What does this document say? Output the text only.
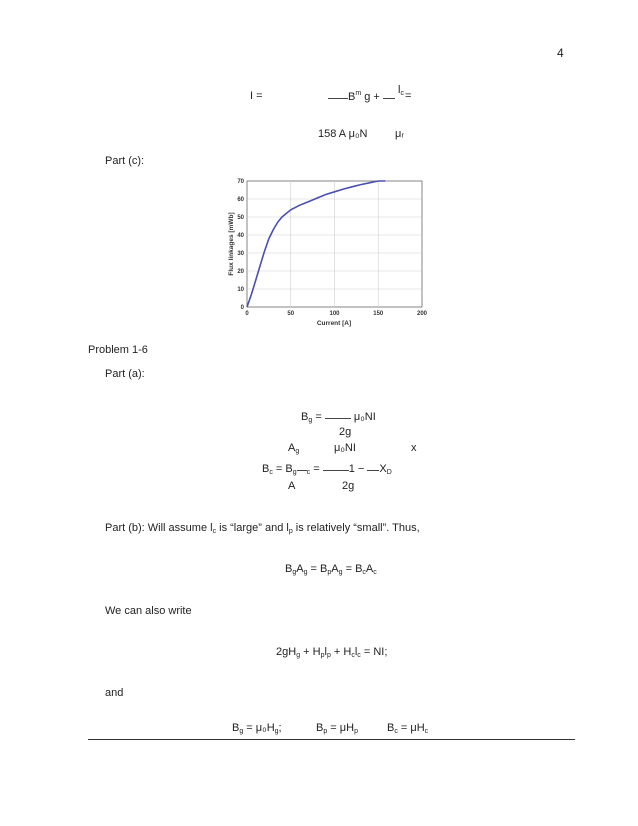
4
I =	$B^m$ g +
$l_c$ =
158 A μ₀N	μᵣ
Part (c):
0	50	100	150	200
0
10
20
30
40
50
60
70
Current [A]
Flux linkages [mWb]
Problem 1-6
Part (a):
$B_g$ =	μ₀NI
2g
$A_g$	μ₀NI	x
$B_c = B_g$ $_c$ =	$1 - X_D$
A	2g
Part (b): Will assume $l_c$ is “large” and $l_p$ is relatively “small”. Thus,
$B_gA_g = B_pA_g = B_cA_c$
We can also write
$2gH_g + H_pl_p + H_cl_c$ = NI;
and
$B_g = \mu_0H_g$;	$B_p = \mu H_p$	$B_c = \mu H_c$
